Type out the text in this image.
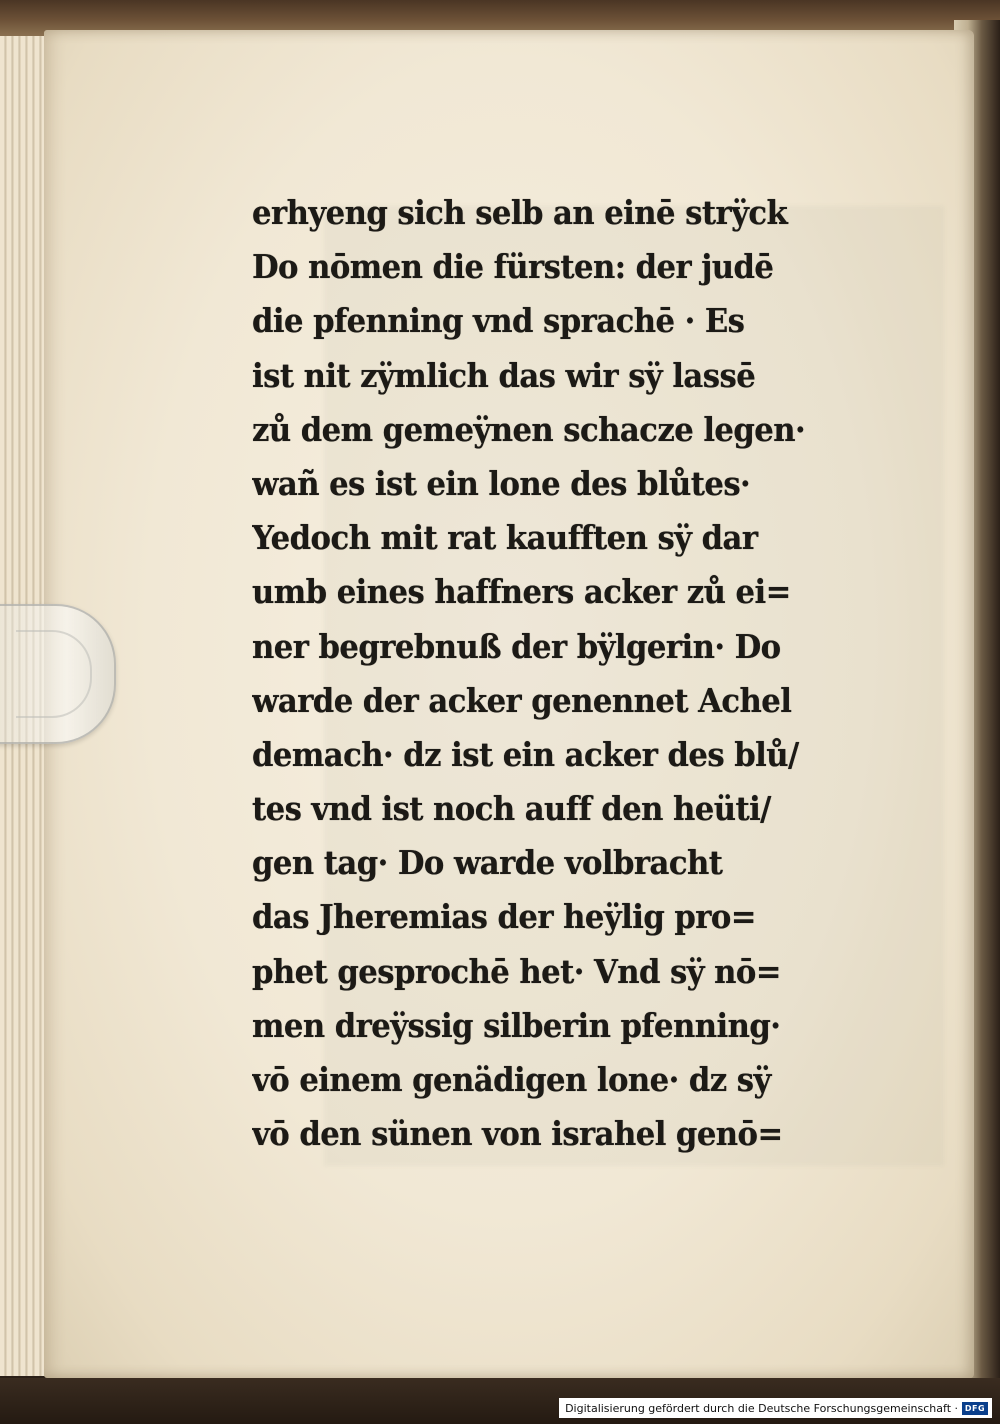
erhyeng sich selb an einē strÿck
Do nōmen die fürsten: der judē
die pfenning vnd sprachē · Es
ist nit zÿmlich das wir sÿ lassē
zů dem gemeÿnen schacze legen·
wañ es ist ein lone des blůtes·
Yedoch mit rat kaufften sÿ dar
umb eines haffners acker zů ei=
ner begrebnuß der bÿlgerin· Do
warde der acker genennet Achel
demach· dz ist ein acker des blů/
tes vnd ist noch auff den heüti/
gen tag· Do warde volbracht
das Jheremias der heÿlig pro=
phet gesprochē het· Vnd sÿ nō=
men dreÿssig silberin pfenning·
vō einem genädigen lone· dz sÿ
vō den sünen von israhel genō=
Digitalisierung gefördert durch die Deutsche Forschungsgemeinschaft · DFG
